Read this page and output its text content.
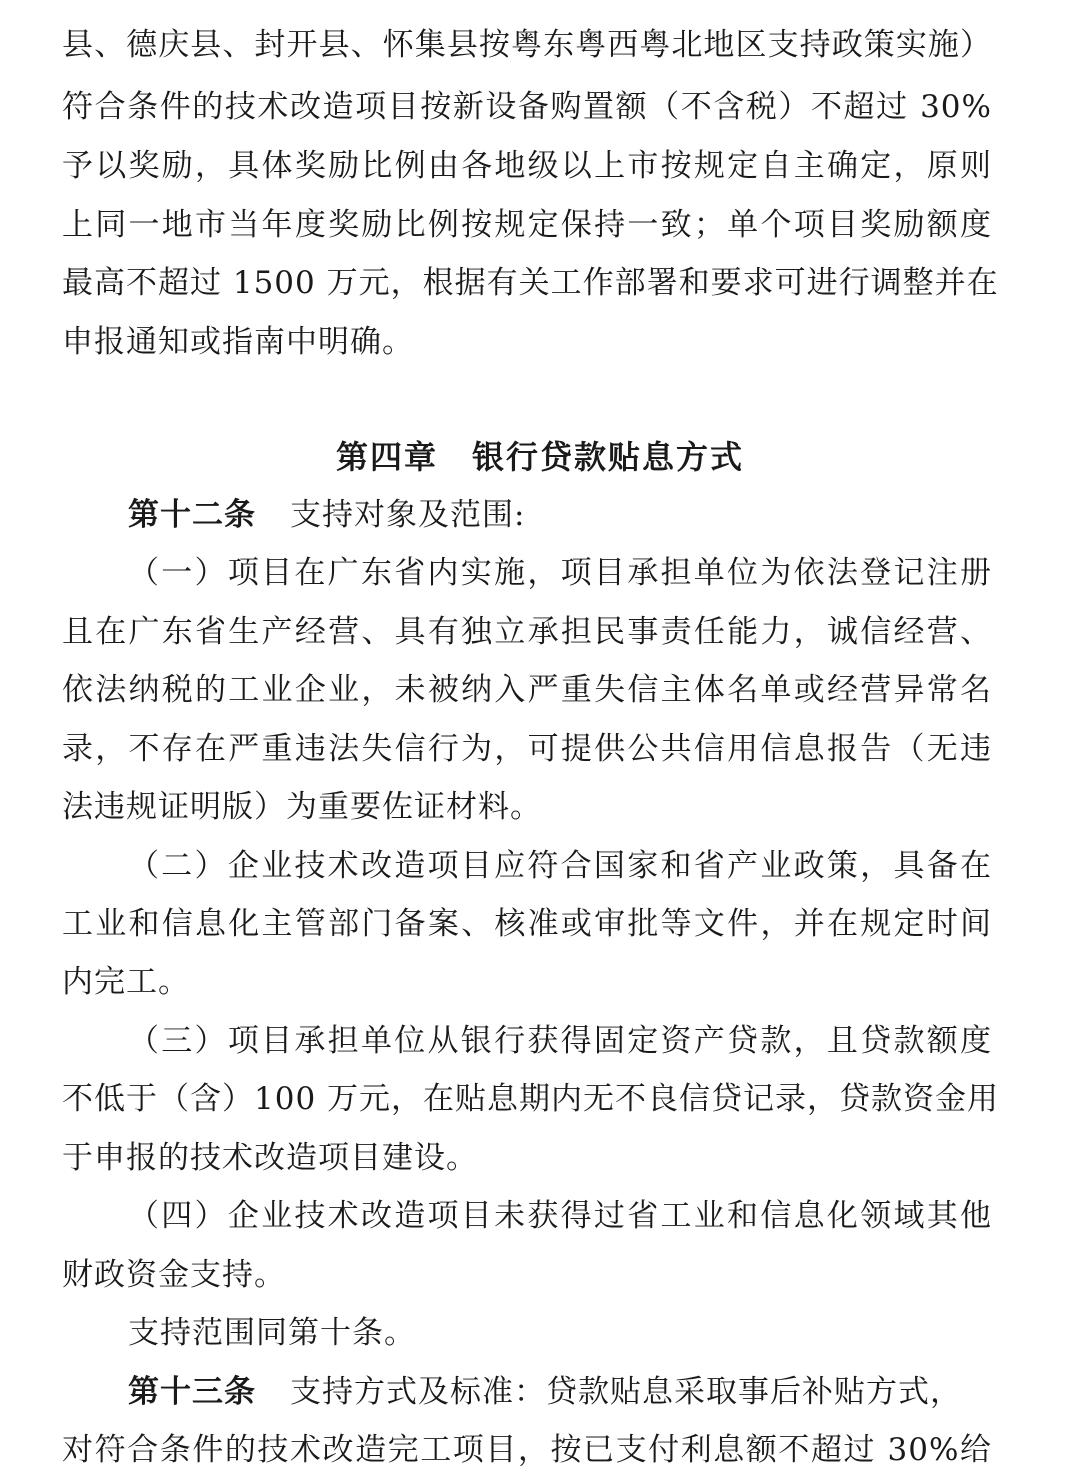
县、德庆县、封开县、怀集县按粤东粤西粤北地区支持政策实施）
符合条件的技术改造项目按新设备购置额（不含税）不超过 30%
予以奖励，具体奖励比例由各地级以上市按规定自主确定，原则
上同一地市当年度奖励比例按规定保持一致；单个项目奖励额度
最高不超过 1500 万元，根据有关工作部署和要求可进行调整并在
申报通知或指南中明确。
第四章 银行贷款贴息方式
第十二条 支持对象及范围:
（一）项目在广东省内实施，项目承担单位为依法登记注册
且在广东省生产经营、具有独立承担民事责任能力，诚信经营、
依法纳税的工业企业，未被纳入严重失信主体名单或经营异常名
录，不存在严重违法失信行为，可提供公共信用信息报告（无违
法违规证明版）为重要佐证材料。
（二）企业技术改造项目应符合国家和省产业政策，具备在
工业和信息化主管部门备案、核准或审批等文件，并在规定时间
内完工。
（三）项目承担单位从银行获得固定资产贷款，且贷款额度
不低于（含）100 万元，在贴息期内无不良信贷记录，贷款资金用
于申报的技术改造项目建设。
（四）企业技术改造项目未获得过省工业和信息化领域其他
财政资金支持。
支持范围同第十条。
第十三条 支持方式及标准：贷款贴息采取事后补贴方式，
对符合条件的技术改造完工项目，按已支付利息额不超过 30%给
